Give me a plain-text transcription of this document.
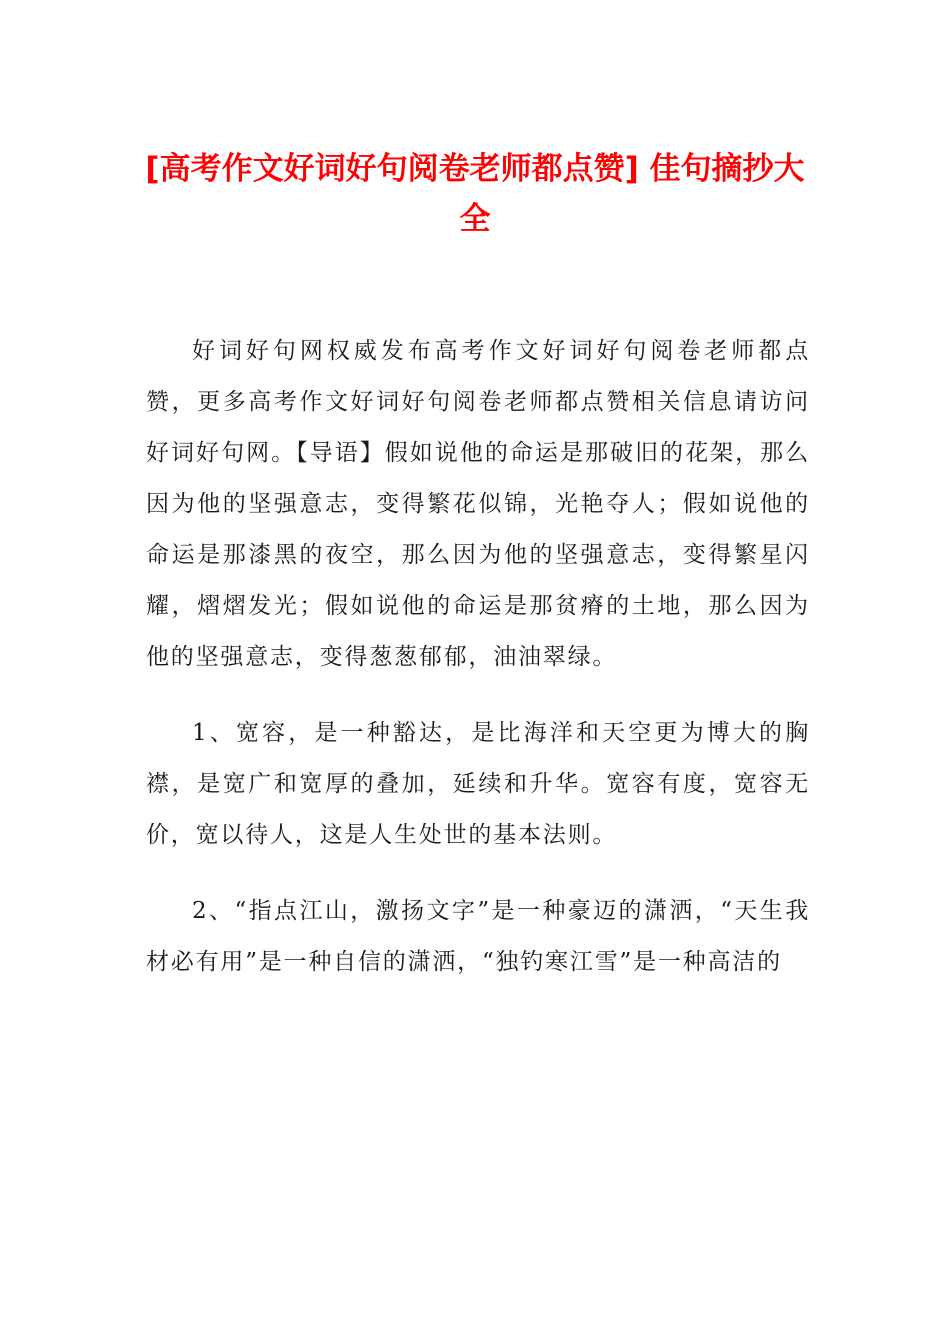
[高考作文好词好句阅卷老师都点赞] 佳句摘抄大全

好词好句网权威发布高考作文好词好句阅卷老师都点赞，更多高考作文好词好句阅卷老师都点赞相关信息请访问好词好句网。【导语】假如说他的命运是那破旧的花架，那么因为他的坚强意志，变得繁花似锦，光艳夺人；假如说他的命运是那漆黑的夜空，那么因为他的坚强意志，变得繁星闪耀，熠熠发光；假如说他的命运是那贫瘠的土地，那么因为他的坚强意志，变得葱葱郁郁，油油翠绿。

1、宽容，是一种豁达，是比海洋和天空更为博大的胸襟，是宽广和宽厚的叠加，延续和升华。宽容有度，宽容无价，宽以待人，这是人生处世的基本法则。

2、“指点江山，激扬文字”是一种豪迈的潇洒，“天生我材必有用”是一种自信的潇洒，“独钓寒江雪”是一种高洁的
